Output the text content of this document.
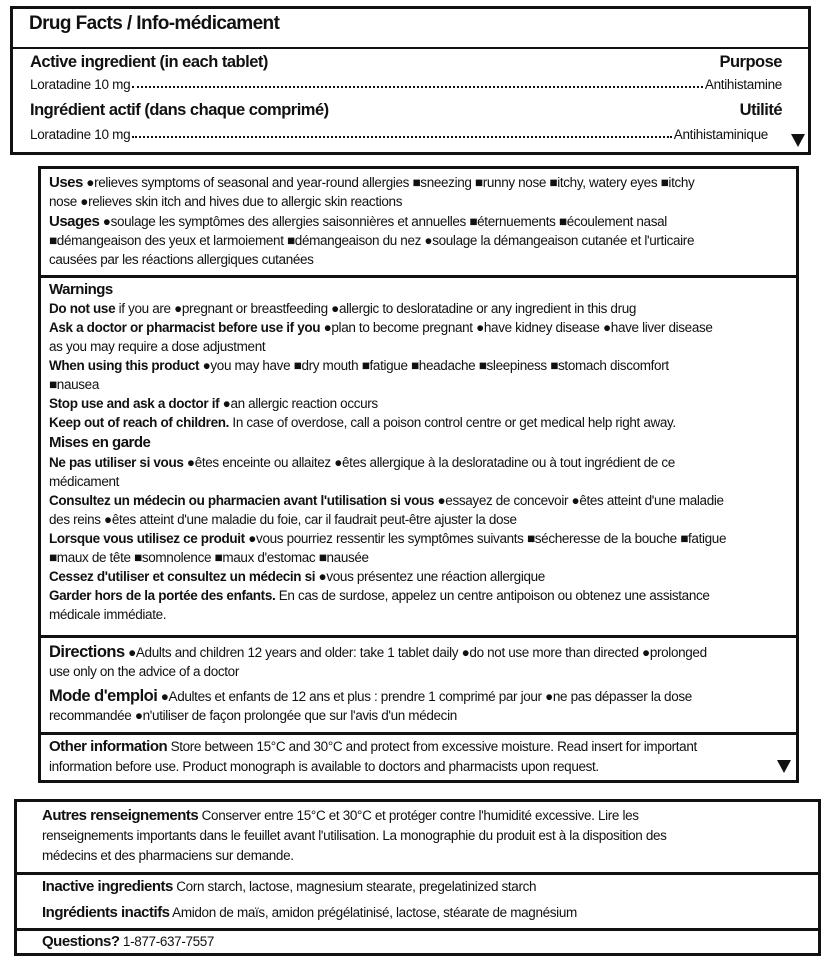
Drug Facts / Info-médicament
Active ingredient (in each tablet)	Purpose
Loratadine 10 mg	Antihistamine
Ingrédient actif (dans chaque comprimé)	Utilité
Loratadine 10 mg	Antihistaminique
Uses ●relieves symptoms of seasonal and year-round allergies ■sneezing ■runny nose ■itchy, watery eyes ■itchy
nose ●relieves skin itch and hives due to allergic skin reactions
Usages ●soulage les symptômes des allergies saisonnières et annuelles ■éternuements ■écoulement nasal
■démangeaison des yeux et larmoiement ■démangeaison du nez ●soulage la démangeaison cutanée et l'urticaire
causées par les réactions allergiques cutanées
Warnings
Do not use if you are ●pregnant or breastfeeding ●allergic to desloratadine or any ingredient in this drug
Ask a doctor or pharmacist before use if you ●plan to become pregnant ●have kidney disease ●have liver disease
as you may require a dose adjustment
When using this product ●you may have ■dry mouth ■fatigue ■headache ■sleepiness ■stomach discomfort
■nausea
Stop use and ask a doctor if ●an allergic reaction occurs
Keep out of reach of children. In case of overdose, call a poison control centre or get medical help right away.
Mises en garde
Ne pas utiliser si vous ●êtes enceinte ou allaitez ●êtes allergique à la desloratadine ou à tout ingrédient de ce
médicament
Consultez un médecin ou pharmacien avant l'utilisation si vous ●essayez de concevoir ●êtes atteint d'une maladie
des reins ●êtes atteint d'une maladie du foie, car il faudrait peut-être ajuster la dose
Lorsque vous utilisez ce produit ●vous pourriez ressentir les symptômes suivants ■sécheresse de la bouche ■fatigue
■maux de tête ■somnolence ■maux d'estomac ■nausée
Cessez d'utiliser et consultez un médecin si ●vous présentez une réaction allergique
Garder hors de la portée des enfants. En cas de surdose, appelez un centre antipoison ou obtenez une assistance
médicale immédiate.
Directions ●Adults and children 12 years and older: take 1 tablet daily ●do not use more than directed ●prolonged
use only on the advice of a doctor
Mode d'emploi ●Adultes et enfants de 12 ans et plus : prendre 1 comprimé par jour ●ne pas dépasser la dose
recommandée ●n'utiliser de façon prolongée que sur l'avis d'un médecin
Other information Store between 15°C and 30°C and protect from excessive moisture. Read insert for important
information before use. Product monograph is available to doctors and pharmacists upon request.
Autres renseignements Conserver entre 15°C et 30°C et protéger contre l'humidité excessive. Lire les
renseignements importants dans le feuillet avant l'utilisation. La monographie du produit est à la disposition des
médecins et des pharmaciens sur demande.
Inactive ingredients Corn starch, lactose, magnesium stearate, pregelatinized starch
Ingrédients inactifs Amidon de maïs, amidon prégélatinisé, lactose, stéarate de magnésium
Questions? 1-877-637-7557
